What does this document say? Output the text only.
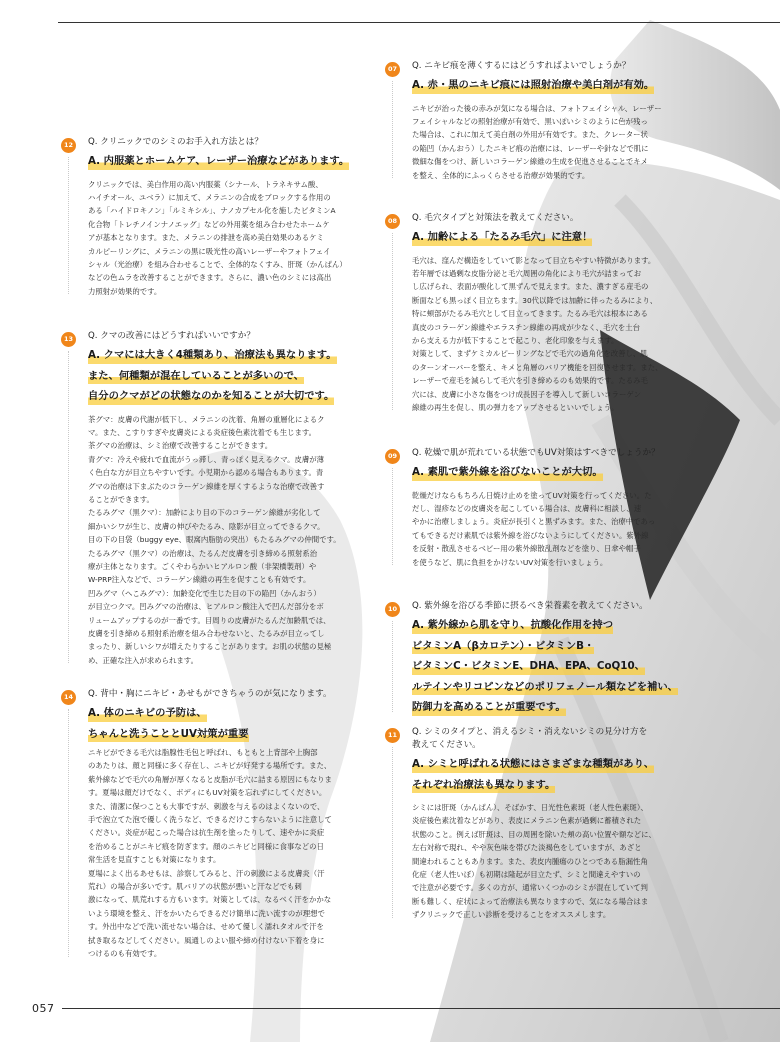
12	Q. クリニックでのシミのお手入れ方法とは？
A. 内服薬とホームケア、レーザー治療などがあります。
クリニックでは、美白作用の高い内服薬（シナール、トラネキサム酸、
ハイチオール、ユベラ）に加えて、メラニンの合成をブロックする作用の
ある「ハイドロキノン」「ルミキシル」、ナノカプセル化を施したビタミンA
化合物「トレチノインナノエッグ」などの外用薬を組み合わせたホームケ
アが基本となります。また、メラニンの排泄を高め美白効果のあるケミ
カルピーリングに、メラニンの黒に吸光性の高いレーザーやフォトフェイ
シャル（光治療）を組み合わせることで、全体的なくすみ、肝斑（かんぱん）
などの色ムラを改善することができます。さらに、濃い色のシミには高出
力照射が効果的です。
13	Q. クマの改善にはどうすればいいですか？
A. クマには大きく4種類あり、治療法も異なります。
また、何種類が混在していることが多いので、
自分のクマがどの状態なのかを知ることが大切です。
茶グマ：皮膚の代謝が低下し、メラニンの沈着、角層の重層化によるク
マ。また、こすりすぎや皮膚炎による炎症後色素沈着でも生じます。
茶グマの治療は、シミ治療で改善することができます。
青グマ：冷えや疲れで血流がうっ滞し、青っぽく見えるクマ。皮膚が薄
く色白な方が目立ちやすいです。小児期から認める場合もあります。青
グマの治療は下まぶたのコラーゲン線維を厚くするような治療で改善す
ることができます。
たるみグマ（黒クマ）：加齢により目の下のコラーゲン線維が劣化して
細かいシワが生じ、皮膚の伸びやたるみ、陰影が目立ってできるクマ。
目の下の目袋（buggy eye、眼窩内脂肪の突出）もたるみグマの仲間です。
たるみグマ（黒クマ）の治療は、たるんだ皮膚を引き締める照射系治
療が主体となります。ごくやわらかいヒアルロン酸（非架橋製剤）や
W-PRP注入などで、コラーゲン線維の再生を促すことも有効です。
凹みグマ（へこみグマ）：加齢変化で生じた目の下の陥凹（かんおう）
が目立つクマ。凹みグマの治療は、ヒアルロン酸注入で凹んだ部分をボ
リュームアップするのが一番です。目周りの皮膚がたるんだ加齢肌では、
皮膚を引き締める照射系治療を組み合わせないと、たるみが目立ってし
まったり、新しいシワが増えたりすることがあります。お肌の状態の見極
め、正確な注入が求められます。
14	Q. 背中・胸にニキビ・あせもができちゃうのが気になります。
A. 体のニキビの予防は、
ちゃんと洗うこととUV対策が重要
ニキビができる毛穴は脂腺性毛包と呼ばれ、もともと上背部や上胸部
のあたりは、顔と同様に多く存在し、ニキビが好発する場所です。また、
紫外線などで毛穴の角層が厚くなると皮脂が毛穴に詰まる原因にもなりま
す。夏場は顔だけでなく、ボディにもUV対策を忘れずにしてください。
また、清潔に保つことも大事ですが、刺激を与えるのはよくないので、
手で泡立てた泡で優しく洗うなど、できるだけこすらないように注意して
ください。炎症が起こった場合は抗生剤を塗ったりして、速やかに炎症
を治めることがニキビ痕を防ぎます。顔のニキビと同様に食事などの日
常生活を見直すことも対策になります。
夏場によく出るあせもは、診察してみると、汗の刺激による皮膚炎（汗
荒れ）の場合が多いです。肌バリアの状態が悪いと汗などでも刺
激になって、肌荒れする方もいます。対策としては、なるべく汗をかかな
いよう環境を整え、汗をかいたらできるだけ簡単に洗い流すのが理想で
す。外出中などで洗い流せない場合は、せめて優しく濡れタオルで汗を
拭き取るなどしてください。風通しのよい服や締め付けない下着を身に
つけるのも有効です。
07	Q. ニキビ痕を薄くするにはどうすればよいでしょうか？
A. 赤・黒のニキビ痕には照射治療や美白剤が有効。
ニキビが治った後の赤みが気になる場合は、フォトフェイシャル、レーザー
フェイシャルなどの照射治療が有効で、黒いぽいシミのように色が残っ
た場合は、これに加えて美白剤の外用が有効です。また、クレーター状
の陥凹（かんおう）したニキビ痕の治療には、レーザーや針などで肌に
微細な傷をつけ、新しいコラーゲン線維の生成を促進させることでキメ
を整え、全体的にふっくらさせる治療が効果的です。
08	Q. 毛穴タイプと対策法を教えてください。
A. 加齢による「たるみ毛穴」に注意！
毛穴は、窪んだ構造をしていて影となって目立ちやすい特徴があります。
若年層では過剰な皮脂分泌と毛穴周囲の角化により毛穴が詰まってお
し広げられ、表面が酸化して黒ずんで見えます。また、濃すぎる産毛の
断面なども黒っぽく目立ちます。30代以降では加齢に伴ったるみにより、
特に頬部がたるみ毛穴として目立ってきます。たるみ毛穴は根本にある
真皮のコラーゲン線維やエラスチン線維の再成が少なく、毛穴を土台
から支える力が低下することで起こり、老化印象を与えます。
対策として、まずケミカルピーリングなどで毛穴の過角化を改善し、肌
のターンオーバーを整え、キメと角層のバリア機能を回復させます。また、
レーザーで産毛を減らして毛穴を引き締めるのも効果的です。たるみ毛
穴には、皮膚に小さな傷をつけ成長因子を導入して新しいコラーゲン
線維の再生を促し、肌の弾力をアップさせるといいでしょう。
09	Q. 乾燥で肌が荒れている状態でもUV対策はすべきでしょうか？
A. 素肌で紫外線を浴びないことが大切。
乾燥だけならもちろん日焼け止めを塗ってUV対策を行ってください。た
だし、湿疹などの皮膚炎を起こしている場合は、皮膚科に相談し、速
やかに治療しましょう。炎症が長引くと黒ずみます。また、治療中であっ
てもできるだけ素肌では紫外線を浴びないようにしてください。紫外線
を反射・散乱させるベビー用の紫外線散乱剤などを塗り、日傘や帽子
を使うなど、肌に負担をかけないUV対策を行いましょう。
10	Q. 紫外線を浴びる季節に摂るべき栄養素を教えてください。
A. 紫外線から肌を守り、抗酸化作用を持つ
ビタミンA（βカロテン）・ビタミンB・
ビタミンC・ビタミンE、DHA、EPA、CoQ10、
ルテインやリコピンなどのポリフェノール類などを補い、
防御力を高めることが重要です。
11	Q. シミのタイプと、消えるシミ・消えないシミの見分け方を
教えてください。
A. シミと呼ばれる状態にはさまざまな種類があり、
それぞれ治療法も異なります。
シミには肝斑（かんぱん）、そばかす、日光性色素斑（老人性色素斑）、
炎症後色素沈着などがあり、表皮にメラニン色素が過剰に蓄積された
状態のこと。例えば肝斑は、目の周囲を除いた頬の高い位置や額などに、
左右対称で現れ、やや灰色味を帯びた淡褐色をしていますが、あざと
間違われることもあります。また、表皮内腫瘍のひとつである脂漏性角
化症（老人性いぼ）も初期は隆起が目立たず、シミと間違えやすいの
で注意が必要です。多くの方が、通常いくつかのシミが混在していて判
断も難しく、症状によって治療法も異なりますので、気になる場合はま
ずクリニックで正しい診断を受けることをオススメします。
057
